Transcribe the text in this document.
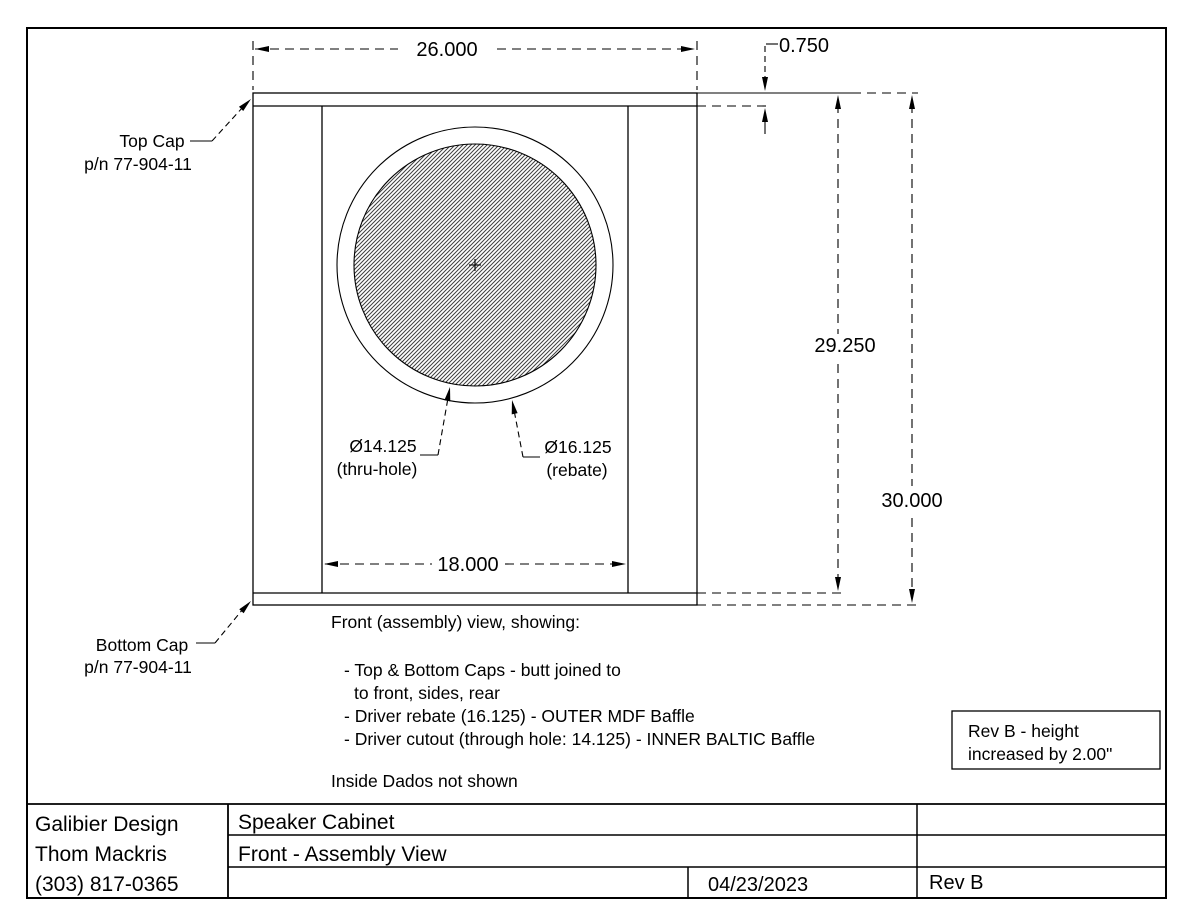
26.000	0.750
29.250
30.000
18.000
Top Cap
p/n 77-904-11
Bottom Cap
p/n 77-904-11
Ø14.125
(thru-hole)
Ø16.125
(rebate)
Front (assembly) view, showing:
- Top & Bottom Caps - butt joined to
to front, sides, rear
- Driver rebate (16.125) - OUTER MDF Baffle
- Driver cutout (through hole: 14.125) - INNER BALTIC Baffle
Inside Dados not shown
Rev B - height
increased by 2.00"
Galibier Design
Thom Mackris
(303) 817-0365
Speaker Cabinet
Front - Assembly View
04/23/2023	Rev B
